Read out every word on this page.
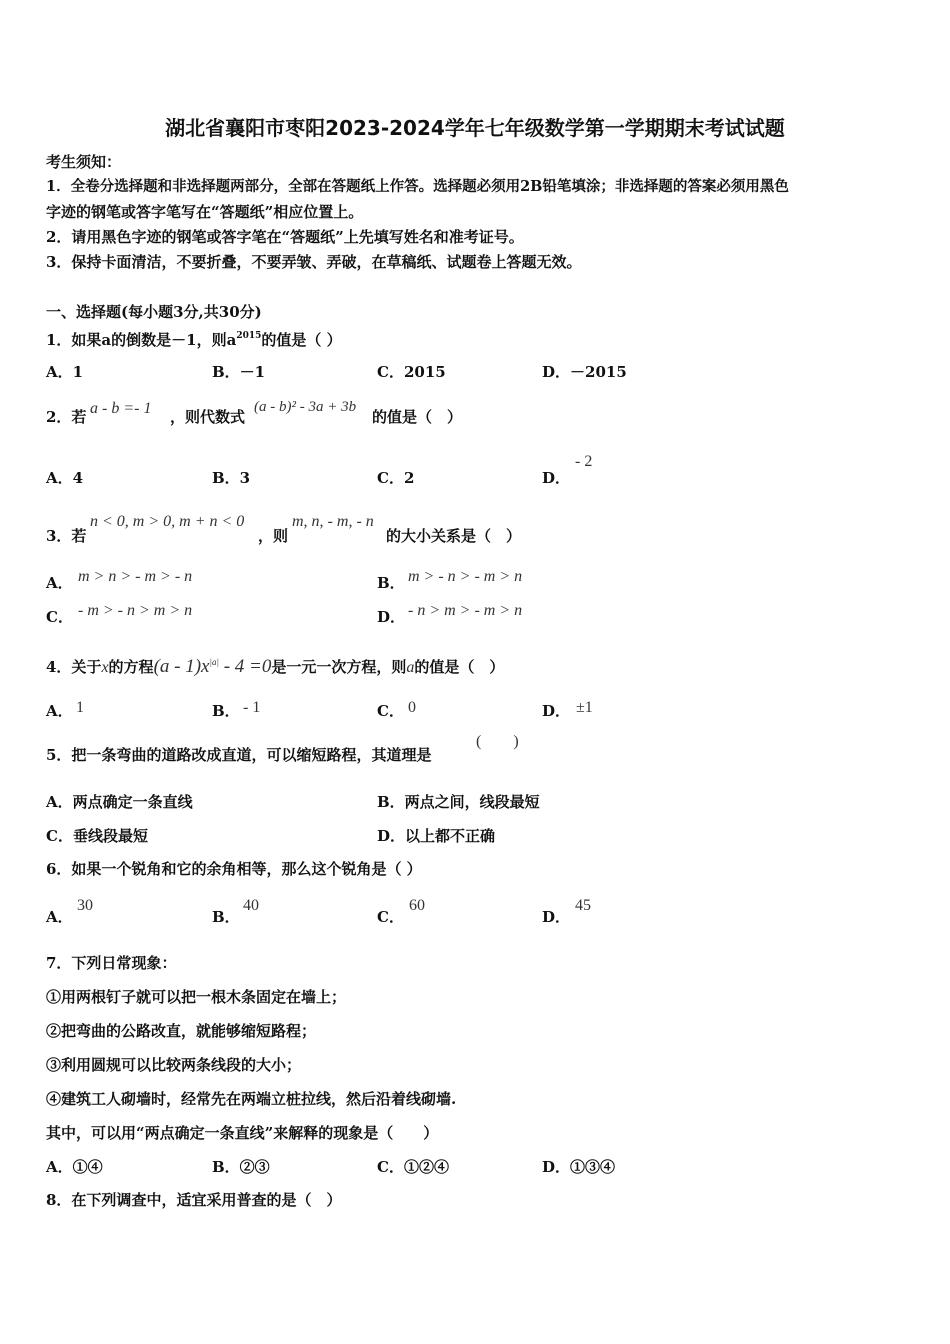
湖北省襄阳市枣阳2023-2024学年七年级数学第一学期期末考试试题
考生须知：
1．全卷分选择题和非选择题两部分，全部在答题纸上作答。选择题必须用2B铅笔填涂；非选择题的答案必须用黑色
字迹的钢笔或答字笔写在“答题纸”相应位置上。
2．请用黑色字迹的钢笔或答字笔在“答题纸”上先填写姓名和准考证号。
3．保持卡面清洁，不要折叠，不要弄皱、弄破，在草稿纸、试题卷上答题无效。
一、选择题(每小题3分,共30分)
1．如果a的倒数是－1，则$a^{2015}$的值是（ ）
A．1	B．－1	C．2015	D．－2015
2．若 a - b =- 1 ，则代数式
(a - b)² - 3a + 3b
的值是（　）
A．4	B．3	C．2	D．
- 2
3．若
n < 0, m > 0, m + n < 0
，则
m, n, - m, - n
的大小关系是（　）
A． m > n > - m > - n	B． m > - n > - m > n
C． - m > - n > m > n	D． - n > m > - m > n
4．关于x的方程$(a - 1)x^{|a|} - 4 =0$是一元一次方程，则a的值是（　）
A． 1	B． - 1	C． 0	D． ±1
5．把一条弯曲的道路改成直道，可以缩短路程，其道理是
(　　)
A．两点确定一条直线	B．两点之间，线段最短
C．垂线段最短	D．以上都不正确
6．如果一个锐角和它的余角相等，那么这个锐角是（ ）
A．
30
B．
40
C．
60
D．
45
7．下列日常现象：
①用两根钉子就可以把一根木条固定在墙上；
②把弯曲的公路改直，就能够缩短路程；
③利用圆规可以比较两条线段的大小；
④建筑工人砌墙时，经常先在两端立桩拉线，然后沿着线砌墙.
其中，可以用“两点确定一条直线”来解释的现象是（　　）
A．①④	B．②③	C．①②④	D．①③④
8．在下列调查中，适宜采用普查的是（　）
